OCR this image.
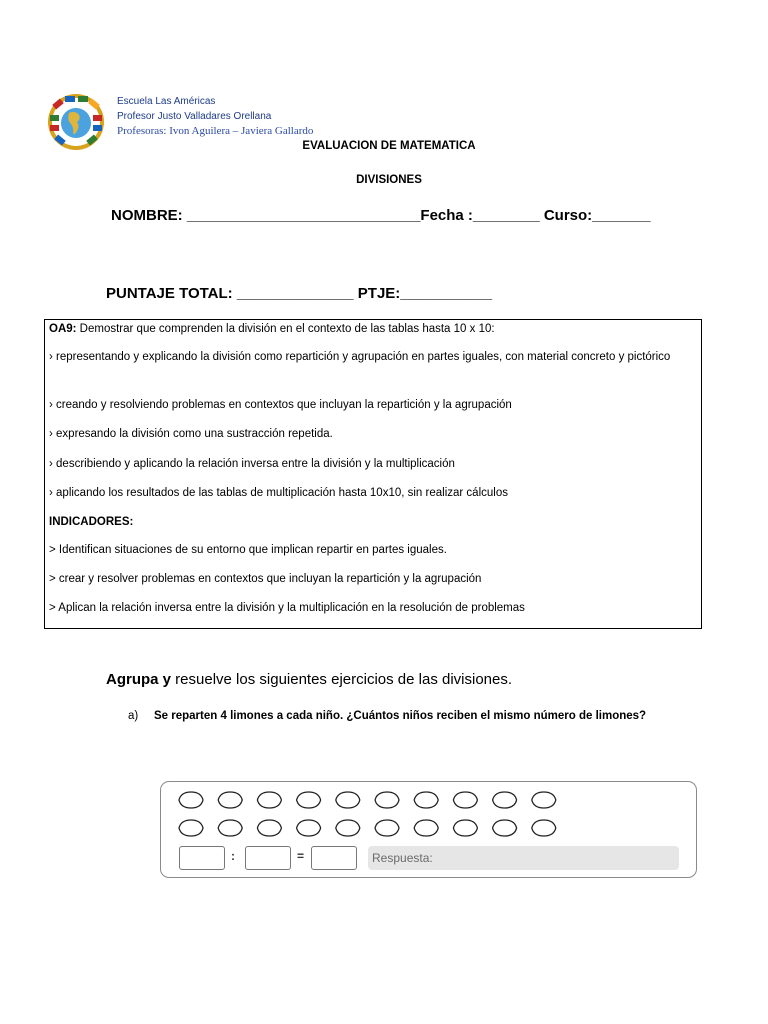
Escuela Las Américas
Profesor Justo Valladares Orellana
Profesoras: Ivon Aguilera – Javiera Gallardo
EVALUACION DE MATEMATICA
DIVISIONES
NOMBRE: ____________________________Fecha :________ Curso:_______
PUNTAJE TOTAL: ______________ PTJE:___________

OA9: Demostrar que comprenden la división en el contexto de las tablas hasta 10 x 10:

› representando y explicando la división como repartición y agrupación en partes iguales, con material concreto y pictórico

› creando y resolviendo problemas en contextos que incluyan la repartición y la agrupación

› expresando la división como una sustracción repetida.

› describiendo y aplicando la relación inversa entre la división y la multiplicación

› aplicando los resultados de las tablas de multiplicación hasta 10x10, sin realizar cálculos

INDICADORES:

> Identifican situaciones de su entorno que implican repartir en partes iguales.

> crear y resolver problemas en contextos que incluyan la repartición y la agrupación

> Aplican la relación inversa entre la división y la multiplicación en la resolución de problemas

Agrupa y resuelve los siguientes ejercicios de las divisiones.
a) Se reparten 4 limones a cada niño. ¿Cuántos niños reciben el mismo número de limones?
:	=	Respuesta:
